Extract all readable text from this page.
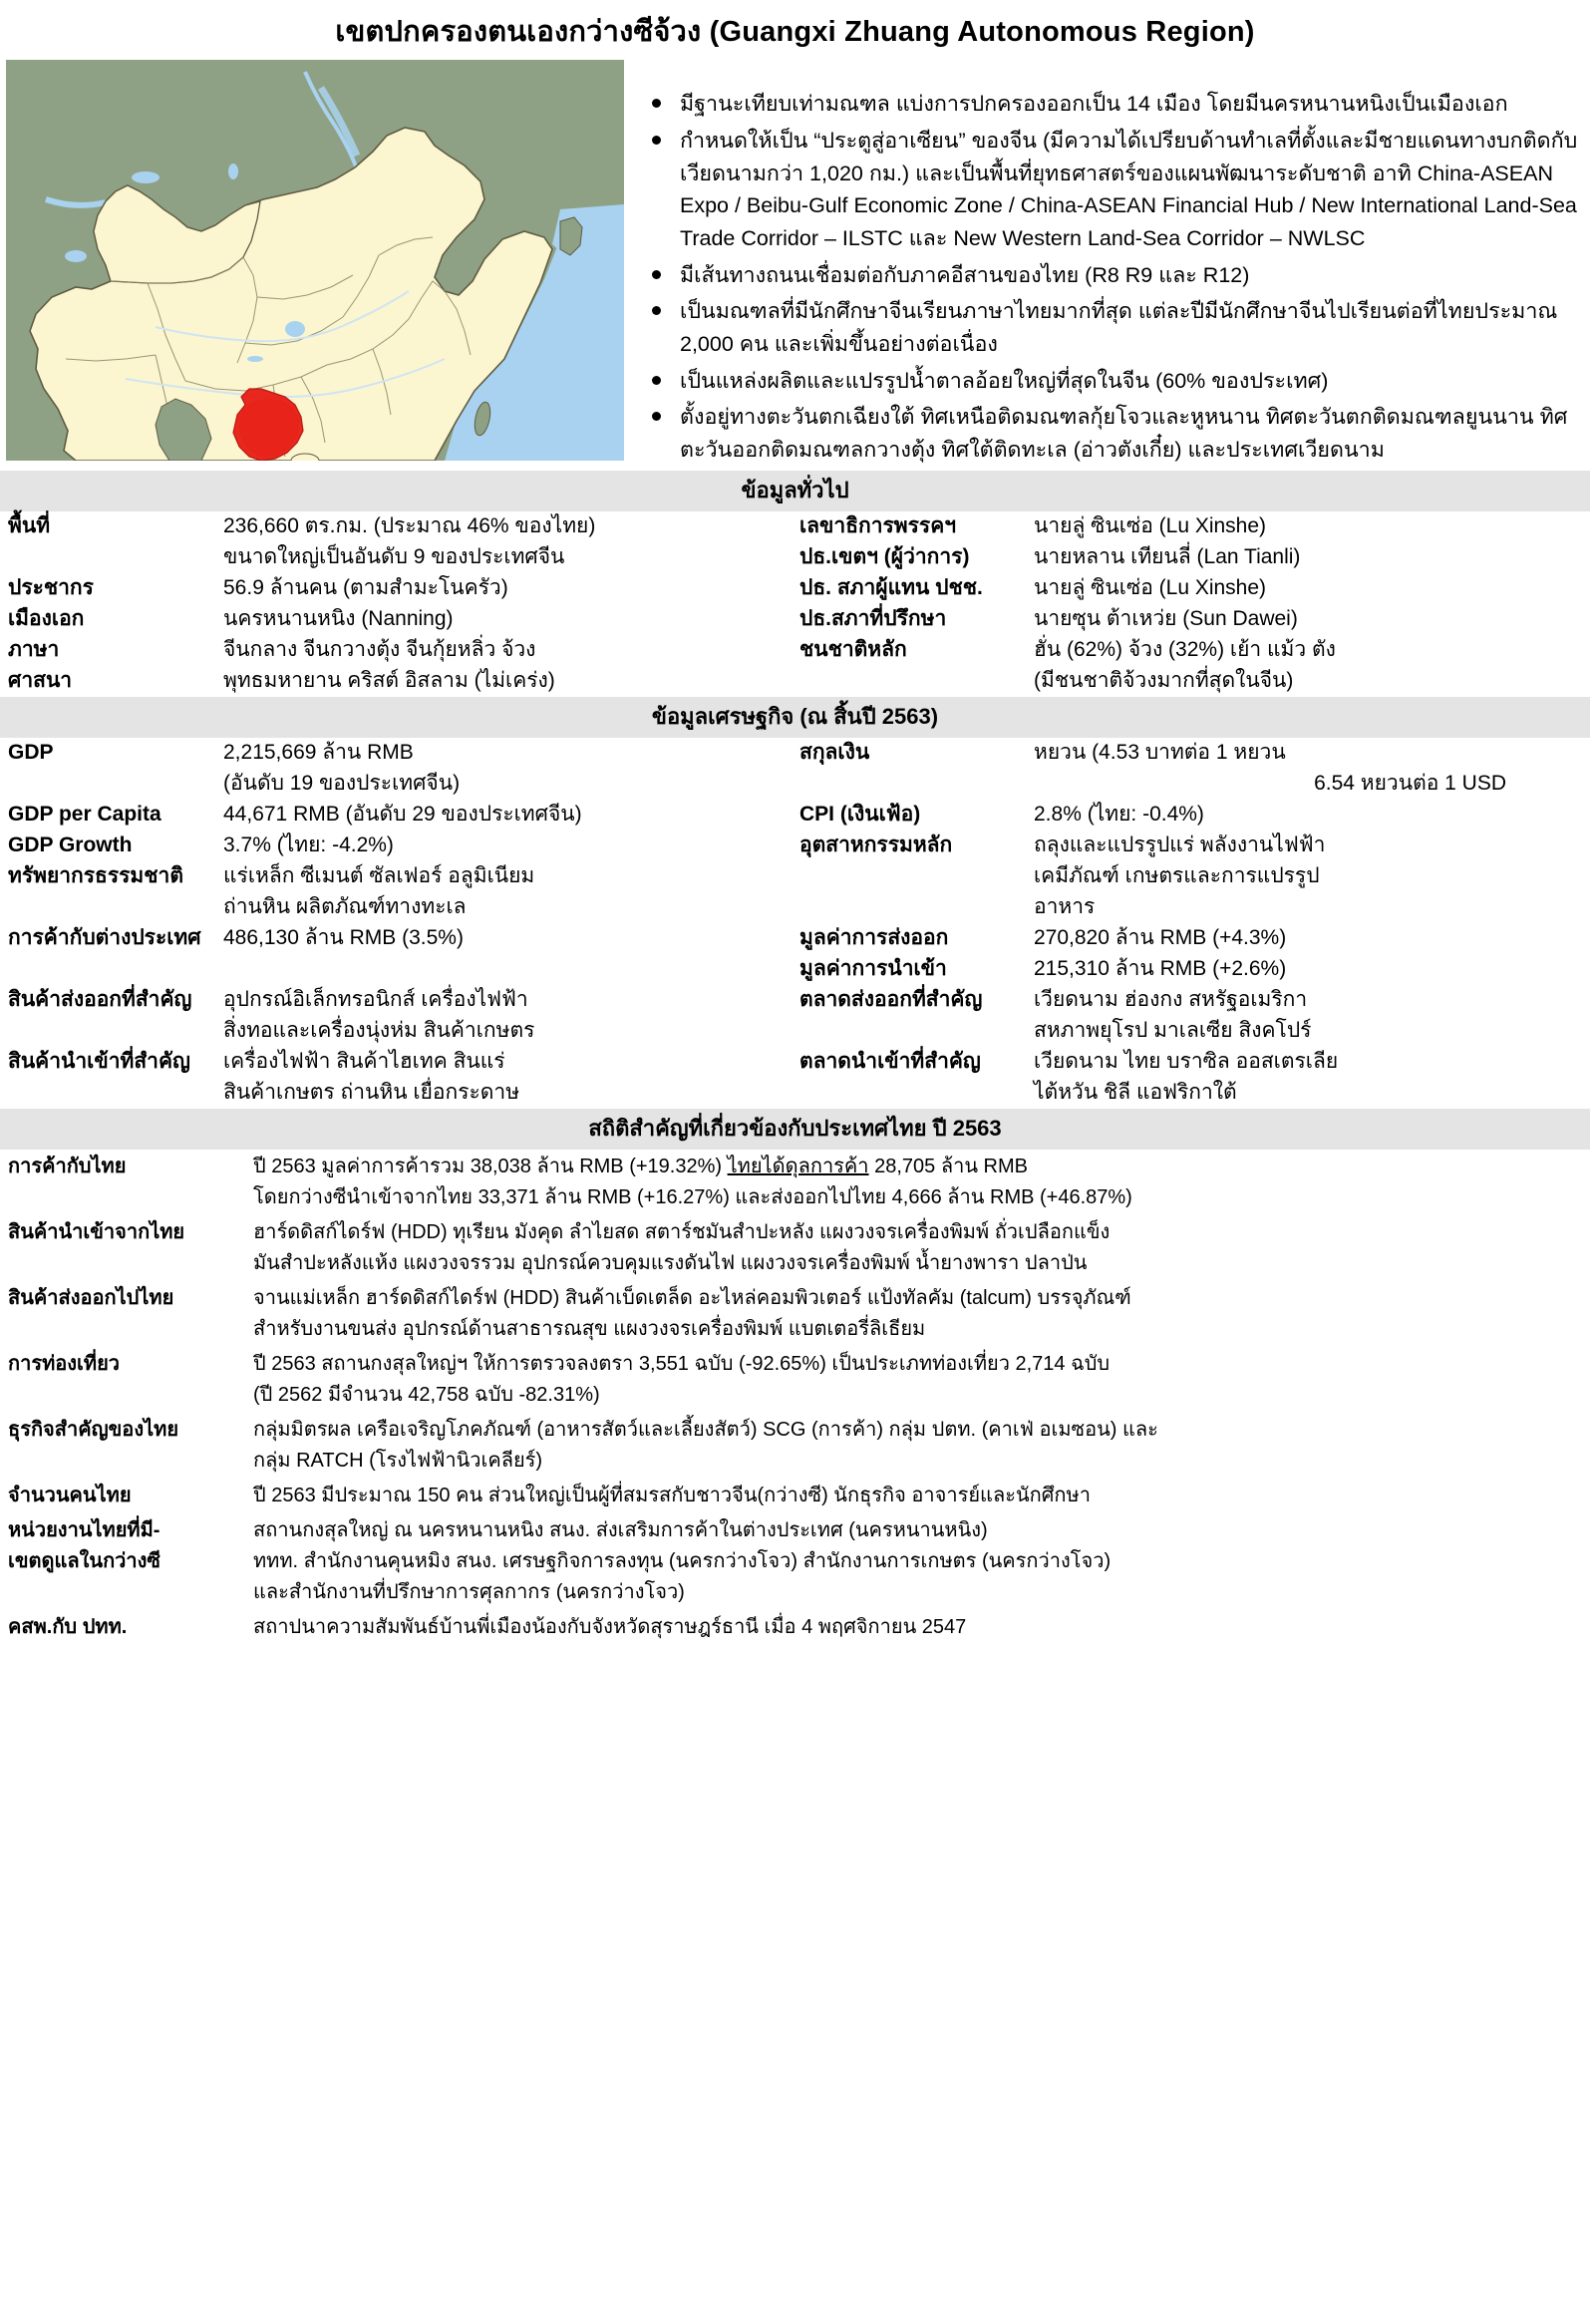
เขตปกครองตนเองกว่างซีจ้วง (Guangxi Zhuang Autonomous Region)
มีฐานะเทียบเท่ามณฑล แบ่งการปกครองออกเป็น 14 เมือง โดยมีนครหนานหนิงเป็นเมืองเอก
กำหนดให้เป็น “ประตูสู่อาเซียน” ของจีน (มีความได้เปรียบด้านทำเลที่ตั้งและมีชายแดนทางบกติดกับเวียดนามกว่า 1,020 กม.) และเป็นพื้นที่ยุทธศาสตร์ของแผนพัฒนาระดับชาติ อาทิ China-ASEAN Expo / Beibu-Gulf Economic Zone / China-ASEAN Financial Hub / New International Land-Sea Trade Corridor – ILSTC และ New Western Land-Sea Corridor – NWLSC
มีเส้นทางถนนเชื่อมต่อกับภาคอีสานของไทย (R8 R9 และ R12)
เป็นมณฑลที่มีนักศึกษาจีนเรียนภาษาไทยมากที่สุด แต่ละปีมีนักศึกษาจีนไปเรียนต่อที่ไทยประมาณ 2,000 คน และเพิ่มขึ้นอย่างต่อเนื่อง
เป็นแหล่งผลิตและแปรรูปน้ำตาลอ้อยใหญ่ที่สุดในจีน (60% ของประเทศ)
ตั้งอยู่ทางตะวันตกเฉียงใต้ ทิศเหนือติดมณฑลกุ้ยโจวและหูหนาน ทิศตะวันตกติดมณฑลยูนนาน ทิศตะวันออกติดมณฑลกวางตุ้ง ทิศใต้ติดทะเล (อ่าวตังเกี๋ย) และประเทศเวียดนาม
ข้อมูลทั่วไป
พื้นที่	236,660 ตร.กม. (ประมาณ 46% ของไทย)	เลขาธิการพรรคฯ	นายลู่ ซินเซ่อ (Lu Xinshe)
	ขนาดใหญ่เป็นอันดับ 9 ของประเทศจีน	ปธ.เขตฯ (ผู้ว่าการ)	นายหลาน เทียนลี่ (Lan Tianli)
ประชากร	56.9 ล้านคน (ตามสำมะโนครัว)	ปธ. สภาผู้แทน ปชช.	นายลู่ ซินเซ่อ (Lu Xinshe)
เมืองเอก	นครหนานหนิง (Nanning)	ปธ.สภาที่ปรึกษา	นายซุน ต้าเหว่ย (Sun Dawei)
ภาษา	จีนกลาง จีนกวางตุ้ง จีนกุ้ยหลิ่ว จ้วง	ชนชาติหลัก	ฮั่น (62%) จ้วง (32%) เย้า แม้ว ตัง
ศาสนา	พุทธมหายาน คริสต์ อิสลาม (ไม่เคร่ง)		(มีชนชาติจ้วงมากที่สุดในจีน)
ข้อมูลเศรษฐกิจ (ณ สิ้นปี 2563)
GDP	2,215,669 ล้าน RMB	สกุลเงิน	หยวน (4.53 บาทต่อ 1 หยวน
	(อันดับ 19 ของประเทศจีน)		6.54 หยวนต่อ 1 USD
GDP per Capita	44,671 RMB (อันดับ 29 ของประเทศจีน)	CPI (เงินเฟ้อ)	2.8% (ไทย: -0.4%)
GDP Growth	3.7% (ไทย: -4.2%)	อุตสาหกรรมหลัก	ถลุงและแปรรูปแร่ พลังงานไฟฟ้า
ทรัพยากรธรรมชาติ	แร่เหล็ก ซีเมนต์ ซัลเฟอร์ อลูมิเนียม		เคมีภัณฑ์ เกษตรและการแปรรูป
	ถ่านหิน ผลิตภัณฑ์ทางทะเล		อาหาร
การค้ากับต่างประเทศ	486,130 ล้าน RMB (3.5%)	มูลค่าการส่งออก	270,820 ล้าน RMB (+4.3%)
		มูลค่าการนำเข้า	215,310 ล้าน RMB (+2.6%)
สินค้าส่งออกที่สำคัญ	อุปกรณ์อิเล็กทรอนิกส์ เครื่องไฟฟ้า	ตลาดส่งออกที่สำคัญ	เวียดนาม ฮ่องกง สหรัฐอเมริกา
	สิ่งทอและเครื่องนุ่งห่ม สินค้าเกษตร		สหภาพยุโรป มาเลเซีย สิงคโปร์
สินค้านำเข้าที่สำคัญ	เครื่องไฟฟ้า สินค้าไฮเทค สินแร่	ตลาดนำเข้าที่สำคัญ	เวียดนาม ไทย บราซิล ออสเตรเลีย
	สินค้าเกษตร ถ่านหิน เยื่อกระดาษ		ไต้หวัน ชิลี แอฟริกาใต้
สถิติสำคัญที่เกี่ยวข้องกับประเทศไทย ปี 2563
การค้ากับไทย	ปี 2563 มูลค่าการค้ารวม 38,038 ล้าน RMB (+19.32%) ไทยได้ดุลการค้า 28,705 ล้าน RMB
โดยกว่างซีนำเข้าจากไทย 33,371 ล้าน RMB (+16.27%) และส่งออกไปไทย 4,666 ล้าน RMB (+46.87%)

สินค้านำเข้าจากไทย	ฮาร์ดดิสก์ไดร์ฟ (HDD) ทุเรียน มังคุด ลำไยสด สตาร์ชมันสำปะหลัง แผงวงจรเครื่องพิมพ์ ถั่วเปลือกแข็ง
มันสำปะหลังแห้ง แผงวงจรรวม อุปกรณ์ควบคุมแรงดันไฟ แผงวงจรเครื่องพิมพ์ น้ำยางพารา ปลาป่น

สินค้าส่งออกไปไทย	จานแม่เหล็ก ฮาร์ดดิสก์ไดร์ฟ (HDD) สินค้าเบ็ดเตล็ด อะไหล่คอมพิวเตอร์ แป้งทัลคัม (talcum) บรรจุภัณฑ์
สำหรับงานขนส่ง อุปกรณ์ด้านสาธารณสุข แผงวงจรเครื่องพิมพ์ แบตเตอรี่ลิเธียม

การท่องเที่ยว	ปี 2563 สถานกงสุลใหญ่ฯ ให้การตรวจลงตรา 3,551 ฉบับ (-92.65%) เป็นประเภทท่องเที่ยว 2,714 ฉบับ
(ปี 2562 มีจำนวน 42,758 ฉบับ -82.31%)

ธุรกิจสำคัญของไทย	กลุ่มมิตรผล เครือเจริญโภคภัณฑ์ (อาหารสัตว์และเลี้ยงสัตว์) SCG (การค้า) กลุ่ม ปตท. (คาเฟ่ อเมซอน) และ
กลุ่ม RATCH (โรงไฟฟ้านิวเคลียร์)

จำนวนคนไทย	ปี 2563 มีประมาณ 150 คน ส่วนใหญ่เป็นผู้ที่สมรสกับชาวจีน(กว่างซี) นักธุรกิจ อาจารย์และนักศึกษา

หน่วยงานไทยที่มี-
เขตดูแลในกว่างซี

สถานกงสุลใหญ่ ณ นครหนานหนิง สนง. ส่งเสริมการค้าในต่างประเทศ (นครหนานหนิง)
ททท. สำนักงานคุนหมิง สนง. เศรษฐกิจการลงทุน (นครกว่างโจว) สำนักงานการเกษตร (นครกว่างโจว)
และสำนักงานที่ปรึกษาการศุลกากร (นครกว่างโจว)

คสพ.กับ ปทท.	สถาปนาความสัมพันธ์บ้านพี่เมืองน้องกับจังหวัดสุราษฎร์ธานี เมื่อ 4 พฤศจิกายน 2547
